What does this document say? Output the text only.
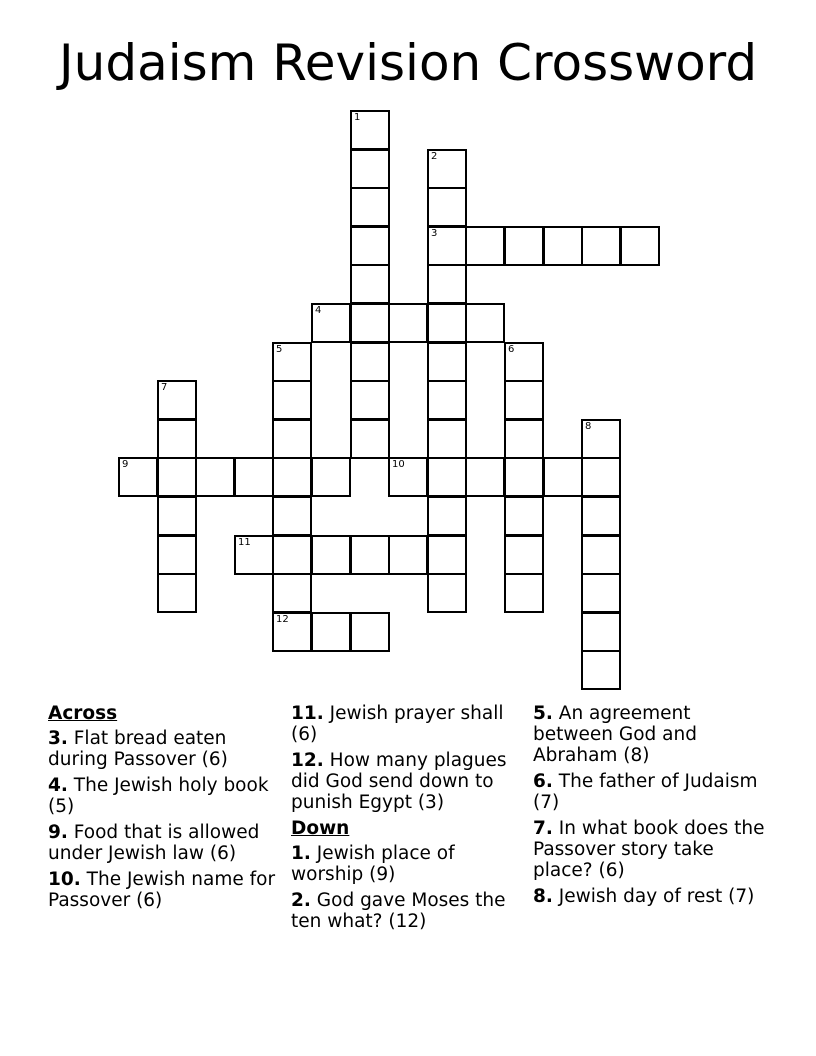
Judaism Revision Crossword
1
2
3
4
5
12
6
7
8
9	10
11
Across
3. Flat bread eaten during Passover (6)
4. The Jewish holy book (5)
9. Food that is allowed under Jewish law (6)
10. The Jewish name for Passover (6)
11. Jewish prayer shall (6)
12. How many plagues did God send down to punish Egypt (3)
Down
1. Jewish place of worship (9)
2. God gave Moses the ten what? (12)
5. An agreement between God and Abraham (8)
6. The father of Judaism (7)
7. In what book does the Passover story take place? (6)
8. Jewish day of rest (7)
